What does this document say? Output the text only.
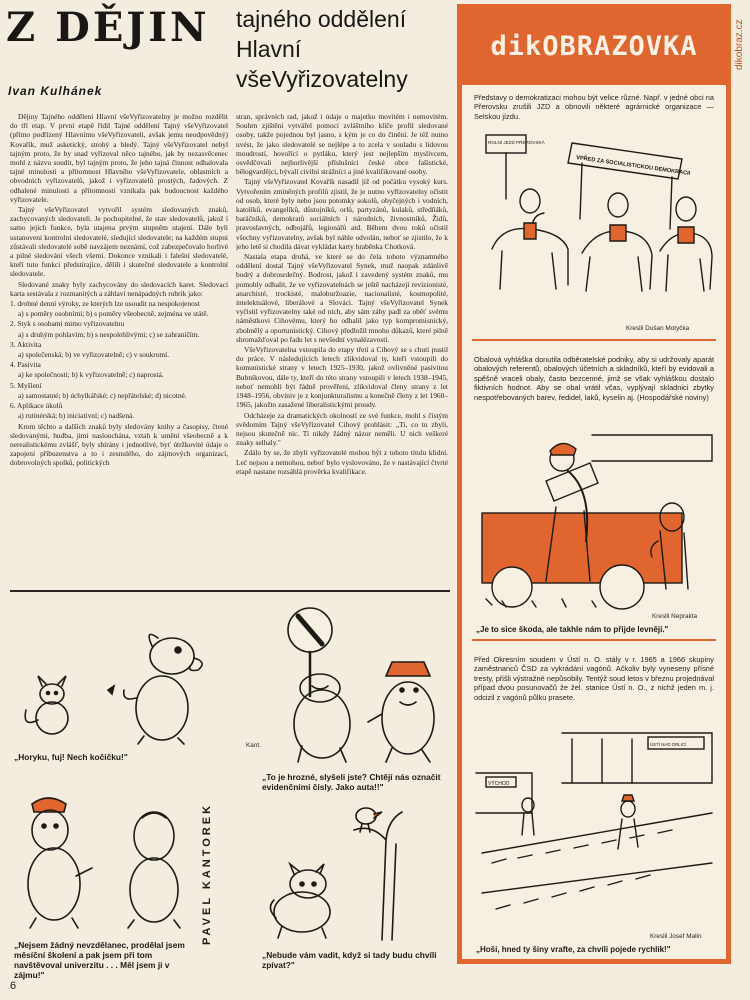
Z DĚJIN tajného oddělení Hlavní všeVyřizovatelny
Ivan Kulhánek

Dějiny Tajného oddělení Hlavní všeVyřizovatelny je možno rozdělit do tří etap. V první etapě řídil Tajné oddělení Tajný všeVyřizovatel (přímo podřízený Hlavnímu všeVyřizovateli, avšak jemu neodpovědný) Kovařík, muž asketický, strohý a bledý. Tajný všeVyřizovatel nebyl tajným proto, že by snad vyřizoval něco tajného, jak by nezasvěcenec mohl z názvu soudit, byl tajným proto, že jeho tajná činnost odhalovala tajné minulosti a přítomnost Hlavního všeVyřizovatele, oblastních a obvodních vyřizovatelů, jakož i vyřizovatelů prostých, řadových. Z odhalené minulosti a přítomnosti vznikala pak budoucnost každého vyřizovatele.

Tajný všeVyřizovatel vytvořil systém sledovaných znaků, zachycovaných sledovateli. Je pochopitelné, že stav sledovatelů, jakož i samo jejich funkce, byla utajena prvým stupněm utajení. Dále byli ustanoveni kontrolní sledovatelé, sledující sledovatele; na každém stupni zůstávali sledovatelé sobě navzájem neznámí, což zabezpečovalo horlivé a pilné sledování všech všemi. Dokonce vznikali i falešní sledovatelé, kteří tuto funkci předstírajíce, dělili i skutečné sledovatele a kontrolní sledovatele.

Sledované znaky byly zachycovány do sledovacích karet. Sledovací karta sestávala z rozmanitých a záhlaví nenápadných rubrik jako:

1. drobné denní výroky, ze kterých lze usoudit na nespokojenost

a) s poměry osobními; b) s poměry všeobecně, zejména ve státě.

2. Styk s osobami mimo vyřizovatelnu

a) s druhým pohlavím; b) s nespolehlivými; c) se zahraničím.

3. Aktivita

a) společenská; b) ve vyřizovatelně; c) v soukromí.

4. Pasivita

a) ke společnosti; b) k vyřizovatelně; c) naprostá.

5. Myšlení

a) samostatné; b) úchylkářské; c) nepřátelské; d) nicotné.

6. Aplikace úkolů

a) rutinérská; b) iniciativní; c) nadšená.

Krom těchto a dalších znaků byly sledovány knihy a časopisy, čtené sledovanými, hudba, jimi naslouchána, vztah k umění všeobecně a k nerealistickému zvlášť, byly sbírány i jednotlivé, byť útržkovité údaje o zapojení příbuzenstva a to i zesnulého, do zájmových organizací, dobrovolných spolků, politických

stran, správních rad, jakož i údaje o majetku movitém i nemovitém. Souhrn zjištění vytvářel pomocí zvláštního klíče profil sledované osoby, takže pojednou byl jasno, s kým je co do činění. Je též nutno uvést, že jako sledovatelé se nejlépe a to zcela v souladu s lidovou moudrostí, hovořící o pytláku, který jest nejlepším myslivcem, osvědčovali nejhorlivější příslušníci české obce fašistické, bělogvardějci, bývalí civilní strážníci a jiné kvalifikované osoby.

Tajný všeVyřizovatel Kovařík nasadil již od počátku vysoký kurs. Vytvořením zmíněných profilů zjistil, že je nutno vyřizovatelny očistit od osob, které byly nebo jsou potomky sokolů, obyčejných i vodních, katolíků, evangelíků, důstojníků, orlů, partyzánů, kulaků, středňáků, baráčníků, demokratů sociálních i národních, živnostníků, Židů, pravoslavných, odbojářů, legionářů atd. Během dvou roků očistil všechny vyřizovatelny, avšak byl náhle odvolán, neboť se zjistilo, že k jeho letě si chodila dávat vykládat karty hraběnka Chotková.

Nastala etapa druhá, ve které se do čela tohoto významného oddělení dostal Tajný všeVyřizovatel Synek, muž naopak zdánlivě bodrý a dobrosrdečný. Bodrost, jakož i zavedený systém znaků, mu pomohly odhalit, že ve vyřizovatelnách se ještě nacházejí revizionisté, anarchisté, trockisté, maloburžoazie, nacionalisté, kosmopolité, intelektuálové, liberálové a Slováci. Tajný všeVyřizovatel Synek vyčistil vyřizovatelny také od nich, aby sám záhy padl za oběť svému náměstkovi Cihovému, který ho odhalil jako typ kompromisnický, zbohnělý a oportunistický. Cihový předložil mnoho důkazů, které pilně shromažďoval po řadu let s nevšední vynalézavostí.

VšeVyřizovatelna vstoupila do etapy třetí a Cihový se s chutí pustil do práce. V následujících letech zlikvidoval ty, kteří vstoupili do komunistické strany v letech 1925–1930, jakož ovlivněné pasivitou Bubníkovou, dále ty, kteří do této strany vstoupili v letech 1938–1945, neboť nemohli být řádně prověřeni, zlikvidoval členy strany z let 1948–1956, obviniv je z konjunkturalismu a konečně členy z let 1960–1965, jakožto zasažené liberalistickými proudy.

Odcházeje za dramatických okolností ze své funkce, mohl s čistým svědomím Tajný všeVyřizovatel Cihový prohlásit: „Ti, co tu zbyli, nejsou skutečně nic. Ti nikdy žádný názor neměli. U nich veškeré znaky selhaly."

Zdálo by se, že zbylí vyřizovatelé mohou být z tohoto titulu klidní. Leč nejsou a nemohou, neboť bylo vyslovováno, že v nastávající čtvrté etapě nastane rozsáhlá prověrka kvalifikace.

„Horyku, fuj! Nech kočičku!"
Kant.
„To je hrozné, slyšeli jste? Chtějí nás označit evidenčními čísly. Jako auta!!"
PAVEL KANTOREK
„Nejsem žádný nevzdělanec, prodělal jsem měsíční školení a pak jsem při tom navštěvoval univerzitu . . . Měl jsem ji v zájmu!"
„Nebude vám vadit, když si tady budu chvíli zpívat?"
6
dikOBRAZOVKA
Představy o demokratizaci mohou být velice různé. Např. v jedné obci na Přerovsku zrušili JZD a obnovili některé agrárnické organizace — Selskou jízdu.
ROLNÍ JEZD PŘEROVSKÁ
VPŘED ZA SOCIALISTICKOU DEMOKRACII
Kreslil Dušan Motyčka
Obalová vyhláška donutila odběratelské podniky, aby si udržovaly aparát obalových referentů, obalových účetních a skladníků, kteří by evidovali a spěšně vraceli obaly, často bezcenné, jimž se však vyhláškou dostalo fiktivních hodnot. Aby se obal vrátil včas, vyplývají skladnici zbytky nespotřebovaných barev, ředidel, laků, kyselin aj. (Hospodářské noviny)
Kreslil Neprakta
„Je to sice škoda, ale takhle nám to přijde levnějí."
Před Okresním soudem v Ústí n. O. stály v r. 1965 a 1966 skupiny zaměstnanců ČSD za vykrádání vagónů. Ačkoliv byly vyneseny přísné tresty, přišli výstražné nepůsobily. Tentýž soud letos v březnu projednával případ dvou posunovačů že žel. stanice Ústí n. O., z nichž jeden m. j. odcizil z vagónů půlku prasete.
VÝCHOD
ÚSTÍ NAD ORLICÍ
Kreslil Josef Malin
„Hoši, hned ty šiny vrafte, za chvíli pojede rychlík!"
dikobraz.cz
